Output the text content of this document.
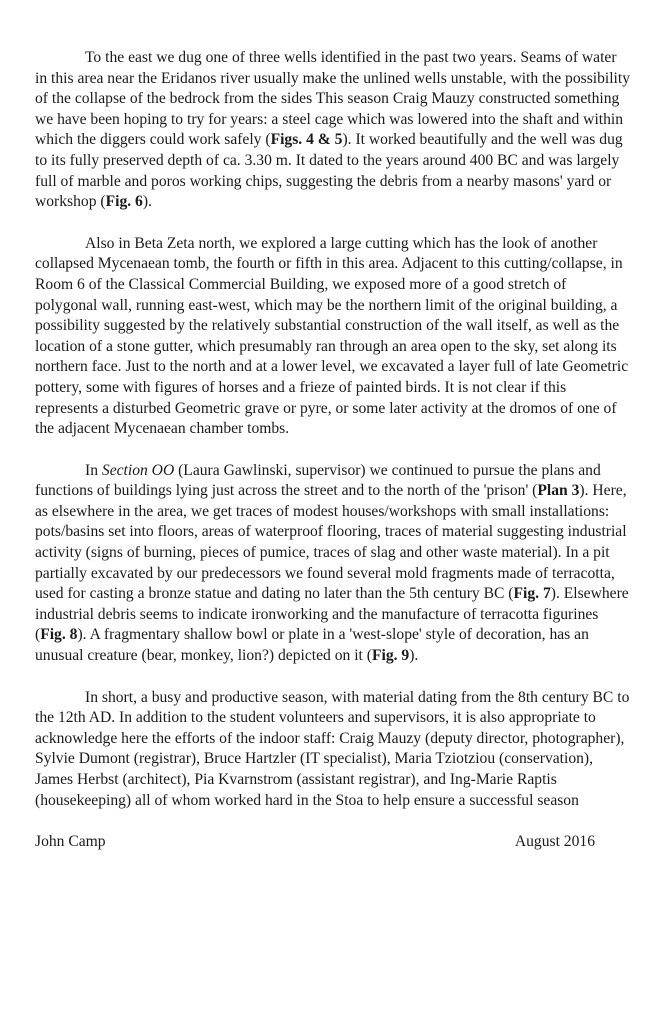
To the east we dug one of three wells identified in the past two years. Seams of water in this area near the Eridanos river usually make the unlined wells unstable, with the possibility of the collapse of the bedrock from the sides This season Craig Mauzy constructed something we have been hoping to try for years: a steel cage which was lowered into the shaft and within which the diggers could work safely (Figs. 4 & 5). It worked beautifully and the well was dug to its fully preserved depth of ca. 3.30 m. It dated to the years around 400 BC and was largely full of marble and poros working chips, suggesting the debris from a nearby masons' yard or workshop (Fig. 6).

Also in Beta Zeta north, we explored a large cutting which has the look of another collapsed Mycenaean tomb, the fourth or fifth in this area. Adjacent to this cutting/collapse, in Room 6 of the Classical Commercial Building, we exposed more of a good stretch of polygonal wall, running east-west, which may be the northern limit of the original building, a possibility suggested by the relatively substantial construction of the wall itself, as well as the location of a stone gutter, which presumably ran through an area open to the sky, set along its northern face. Just to the north and at a lower level, we excavated a layer full of late Geometric pottery, some with figures of horses and a frieze of painted birds. It is not clear if this represents a disturbed Geometric grave or pyre, or some later activity at the dromos of one of the adjacent Mycenaean chamber tombs.

In Section OO (Laura Gawlinski, supervisor) we continued to pursue the plans and functions of buildings lying just across the street and to the north of the 'prison' (Plan 3). Here, as elsewhere in the area, we get traces of modest houses/workshops with small installations: pots/basins set into floors, areas of waterproof flooring, traces of material suggesting industrial activity (signs of burning, pieces of pumice, traces of slag and other waste material). In a pit partially excavated by our predecessors we found several mold fragments made of terracotta, used for casting a bronze statue and dating no later than the 5th century BC (Fig. 7). Elsewhere industrial debris seems to indicate ironworking and the manufacture of terracotta figurines (Fig. 8). A fragmentary shallow bowl or plate in a 'west-slope' style of decoration, has an unusual creature (bear, monkey, lion?) depicted on it (Fig. 9).

In short, a busy and productive season, with material dating from the 8th century BC to the 12th AD. In addition to the student volunteers and supervisors, it is also appropriate to acknowledge here the efforts of the indoor staff: Craig Mauzy (deputy director, photographer), Sylvie Dumont (registrar), Bruce Hartzler (IT specialist), Maria Tziotziou (conservation), James Herbst (architect), Pia Kvarnstrom (assistant registrar), and Ing-Marie Raptis (housekeeping) all of whom worked hard in the Stoa to help ensure a successful season

John Camp	August 2016
